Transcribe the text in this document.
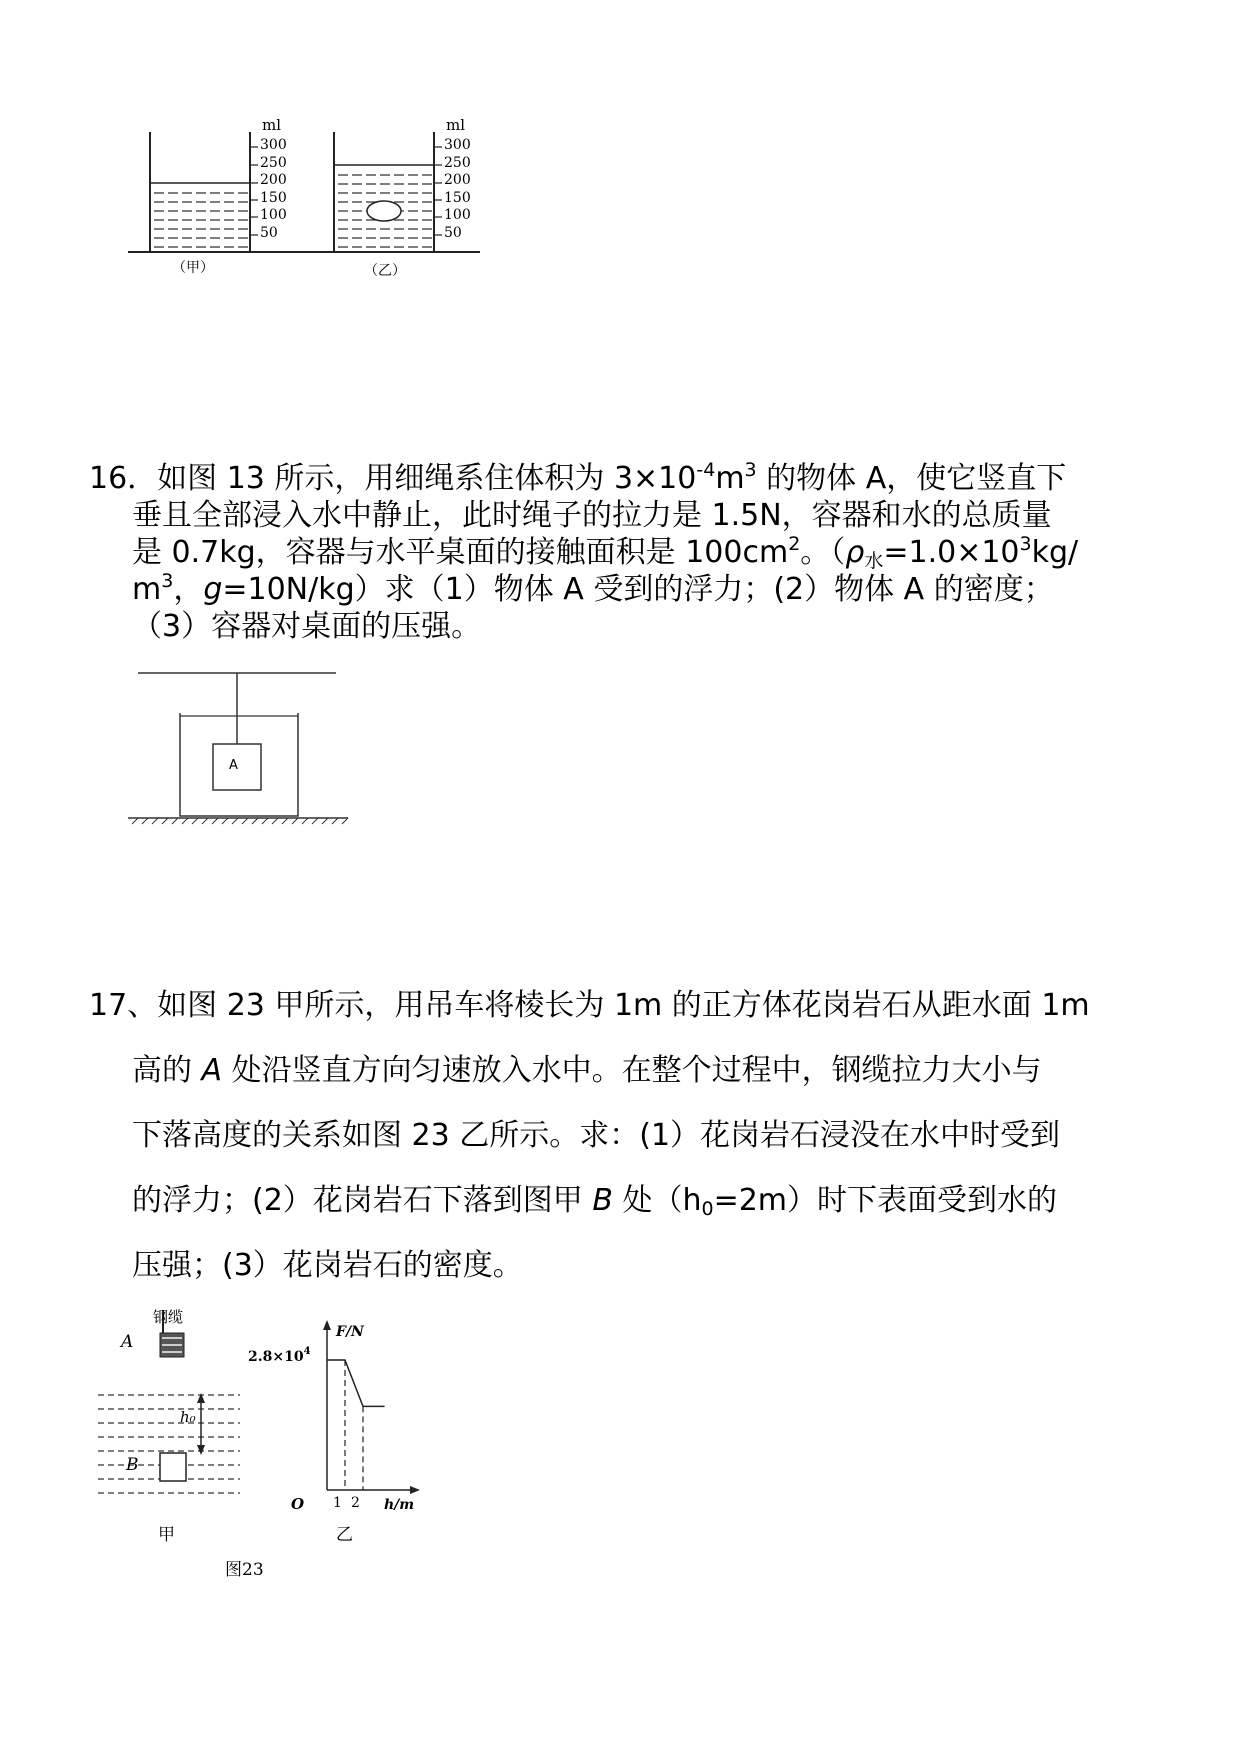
ml	ml
300
250
200
150
100
50
300
250
200
150
100
50
（甲）	（乙）
16．如图 13 所示，用细绳系住体积为 $3\times 10^{-4}m^3$ 的物体 A，使它竖直下
垂且全部浸入水中静止，此时绳子的拉力是 1.5N，容器和水的总质量
是 0.7kg，容器与水平桌面的接触面积是 $100cm^2$。（$\rho_水=1.0\times 10^3kg/$
$m^3$，g=10N/kg）求（1）物体 A 受到的浮力；(2）物体 A 的密度；
（3）容器对桌面的压强。
A
17、如图 23 甲所示，用吊车将棱长为 1m 的正方体花岗岩石从距水面 1m
高的 A 处沿竖直方向匀速放入水中。在整个过程中，钢缆拉力大小与
下落高度的关系如图 23 乙所示。求：(1）花岗岩石浸没在水中时受到
的浮力；(2）花岗岩石下落到图甲 B 处$(h_0=2m)$时下表面受到水的
压强；(3）花岗岩石的密度。
钢缆
A
h₀
B
甲
F/N
$2.8\times 10^4$
O 1 2 h/m
乙
图23
